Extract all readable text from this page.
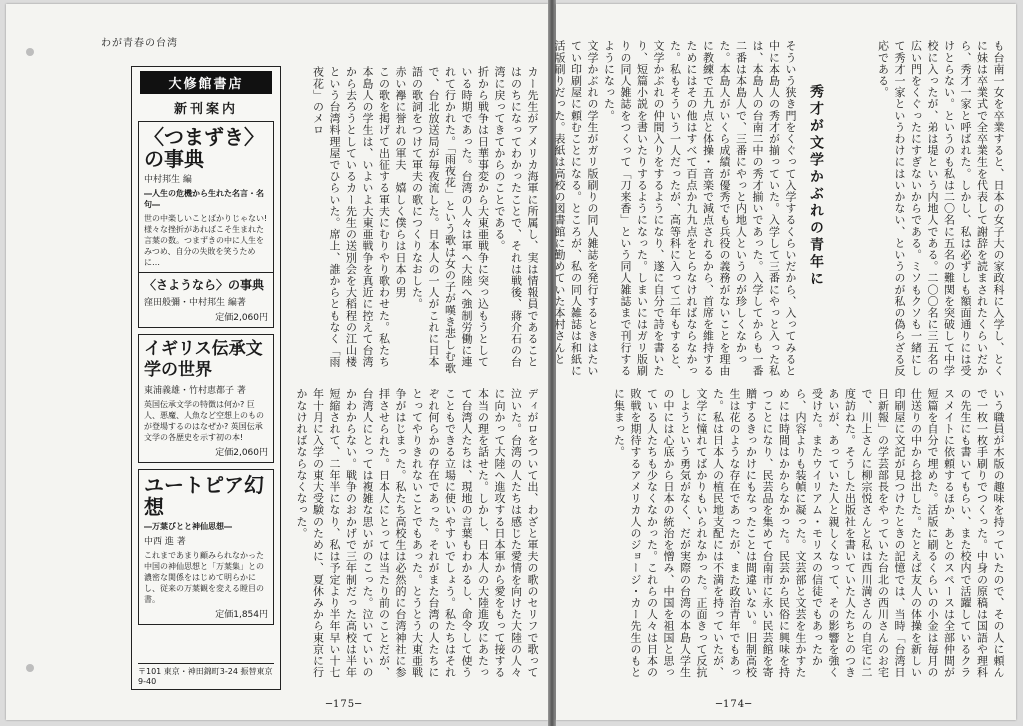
わが青春の台湾
大修館書店
新刊案内
〈つまずき〉の事典
中村邦生 編
―人生の危機から生れた名言・名句―
世の中楽しいことばかりじゃない! 様々な挫折があればこそ生まれた言葉の数。つまずきの中に人生をみつめ、自分の失敗を笑うために…
〈さようなら〉の事典
窪田般彌・中村邦生 編著
定価2,060円
イギリス伝承文学の世界
東浦義雄・竹村恵都子 著
英国伝承文学の特徴は何か? 巨人、悪魔、人魚など空想上のものが登場するのはなぜか? 英国伝承文学の各歴史を示す初の本!
定価2,060円
ユートピア幻想
―万葉びとと神仙思想―
中西 進 著
これまであまり顧みられなかった中国の神仙思想と「万葉集」との濃密な関係をはじめて明らかにし、従来の万葉観を変える瞠目の書。
定価1,854円
〒101 東京・神田錦町3-24 振替東京9-40
カー先生がアメリカ海軍に所属し、実は情報員であることはのちになってわかったことで、それは戦後、蔣介石の台湾に戻ってきてからのことである。
折から戦争は日華事変から大東亜戦争に突っ込もうとしている時期であった。台湾の人々は軍へ大陸へ強制労働に連れて行かれた。「雨夜花」という歌は女の子が嘆き悲しむ歌で、台北放送局が毎夜流した。日本人の一人がこれに日本語の歌詞をつけて軍夫の歌につくりなおした。
赤い襷に誉れの軍夫　嬉しく僕らは日本の男
この歌を掲げて出征する軍夫にむりやり歌わせた。私たち本島人の学生は、いよいよ大東亜戦争を真近に控えて台湾から去ろうとしているカー先生の送別会を大稻程の江山楼という台湾料理屋でひらいた。席上、誰からともなく「雨夜花」のメロ
ディがロをついて出、わざと軍夫の歌のセリフで歌って泣いた。台湾の人たちは感じた愛情を向けた大陸の人々に向かって大陸へ進攻する日本軍から愛をもって接する本当の理を話せた。しかし、日本人の大陸進攻にあたって台湾人たちは、現地の言葉もわかるし、命令して使うこともできる立場に使いやすいでしょう。私たちはそれぞれ何らかの存在であった。それがまた台湾の人たちにとってやりきれないことでもあった。とうとう大東亜戦争がはじまった。私たち高校生は必然的に台湾神社に参拝させられた。日本人にとっては当たり前のことだが、台湾人にとっては複雑な思いがのこった。泣いていいのかわからない。戦争のおかげで三年制だった高校は半年短縮されて、二年半になり、私は予定より半年早い十七年十月に入学の東大受験のために、夏休みから東京に行かなければならなくなった。
─175─
も台南一女を卒業すると、日本の女子大の家政科に入学し、とくに妹は卒業式で全卒業生を代表して謝辞を読まされたくらいだから、秀才一家と呼ばれた。しかし、私は必ずしも額面通りには受けとらない。というのも私は二〇名に五名の難関を突破して中学校に入ったが、弟は堤という内地人である。二〇〇名に三五名の広い門をくぐったにすぎないからである。ミソもクソも一緒にして秀才一家というわけにはいかない、というのが私の偽らざる反応である。
秀才が文学かぶれの青年に
そういう狭き門をくぐって入学するくらいだから、入ってみると中に本島人の秀才が揃っていた。入学して三番にやっと入った私は、本島人の台南二中の秀才揃いであった。入学してからも一番二番は本島人で、三番にやっと内地人というのが珍しくなかった。本島人がいくら成績が優秀でも兵役の義務がないことを理由に教練で五九点と体操・音楽で減点されるから、首席を維持するためにはその他はすべて百点か九九点をとらなければならなかった。私もそういう一人だったが、高等科に入って二年もすると、文学かぶれの仲間入りをするようになり、遂に自分で詩を書いたり、短篇小説を書いたりするようになった。しまいにはガリ版刷りの同人雑誌をつくって「刀来香」という同人雑誌まで刊行するようになった。
文学かぶれの学生がガリ版刷りの同人雑誌を発行するときはたいてい印刷屋に頼むことになる。ところが、私の同人雑誌は和紙に活版刷りだった。表紙は高校の図書館に勤めていた本村さんと
いう職員が木版の趣味を持っていたので、その人に頼んで一枚一枚手刷りでつくった。中身の原稿は国語や理科の先生にも書いてもらい、また校内で活躍しているクラスメイトに依頼するほか、あとのスペースは全部仲間が短篇を自分で埋めた。活版に刷るくらいの小金は毎月の仕送りの中から捻出した。たとえば友人の体操を新しい印刷屋に文記が見つけたときの記憶では、当時「台湾日日新報」の学芸部長をやっていた台北の西川さんのお宅で、川上さんに柳宗悦さんと私は西川満さんの自宅に二度訪ねた。そうした出版社を書いていた人たちとのつきあいが、あっていた人と親しくなって、その影響を強く受けた。またウイリアム・モリスの信徒でもあったから、内容よりも装幀に凝った。文芸部と文芸を生かすためには時間はかからなかった。民芸から民俗に興味を持つことになり、民芸品を集めて台南市に永い民芸館を寄贈するきっかけにもなったことは間違いない。旧制高校生は花のような存在であったが、また政治青年でもあった。私は日本人の植民地支配には不満を持っていたが、文学に憧れてばかりもいられなかった。正面きって反抗しようという勇気がなく、だが実際の台湾の本島人学生の中には心底から日本の統治を憎み、中国を祖国と思っている人たちも少なくなかった。これらの人々は日本の敗戦を期待するアメリカ人のジョージ・カー先生のもとに集まった。
─174─
